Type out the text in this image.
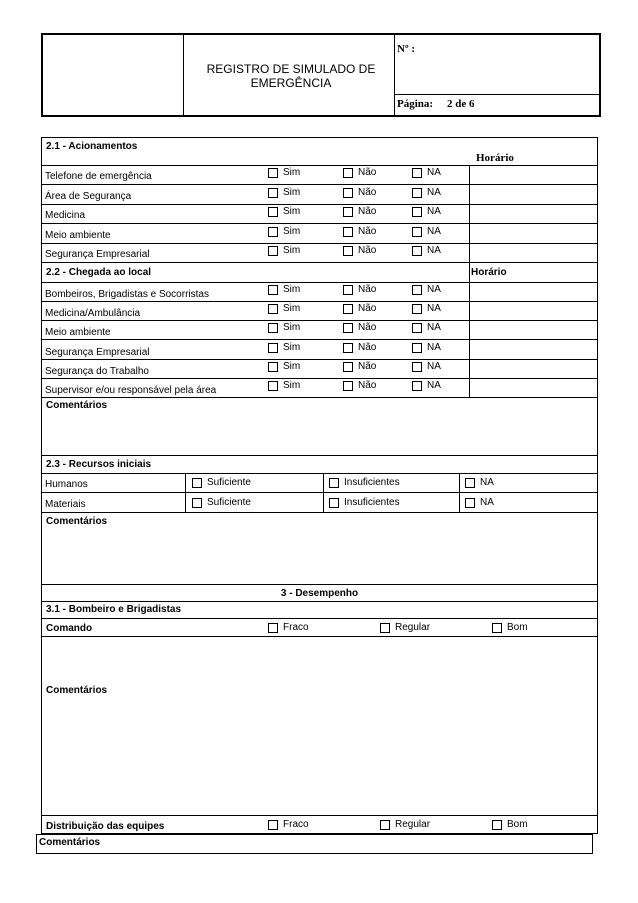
REGISTRO DE SIMULADO DE EMERGÊNCIA
Nº :
Página: 2 de 6
2.1 - Acionamentos
Horário
Telefone de emergência	Sim	Não	NA
Área de Segurança	Sim	Não	NA
Medicina	Sim	Não	NA
Meio ambiente	Sim	Não	NA
Segurança Empresarial	Sim	Não	NA
2.2 - Chegada ao local	Horário
Bombeiros, Brigadistas e Socorristas	Sim	Não	NA
Medicina/Ambulância	Sim	Não	NA
Meio ambiente	Sim	Não	NA
Segurança Empresarial	Sim	Não	NA
Segurança do Trabalho	Sim	Não	NA
Supervisor e/ou responsável pela área	Sim	Não	NA
Comentários
2.3 - Recursos iniciais
Humanos	Suficiente	Insuficientes	NA
Materiais	Suficiente	Insuficientes	NA
Comentários
3 - Desempenho
3.1 - Bombeiro e Brigadistas
Comando	Fraco	Regular	Bom
Comentários
Distribuição das equipes	Fraco	Regular	Bom
Comentários
